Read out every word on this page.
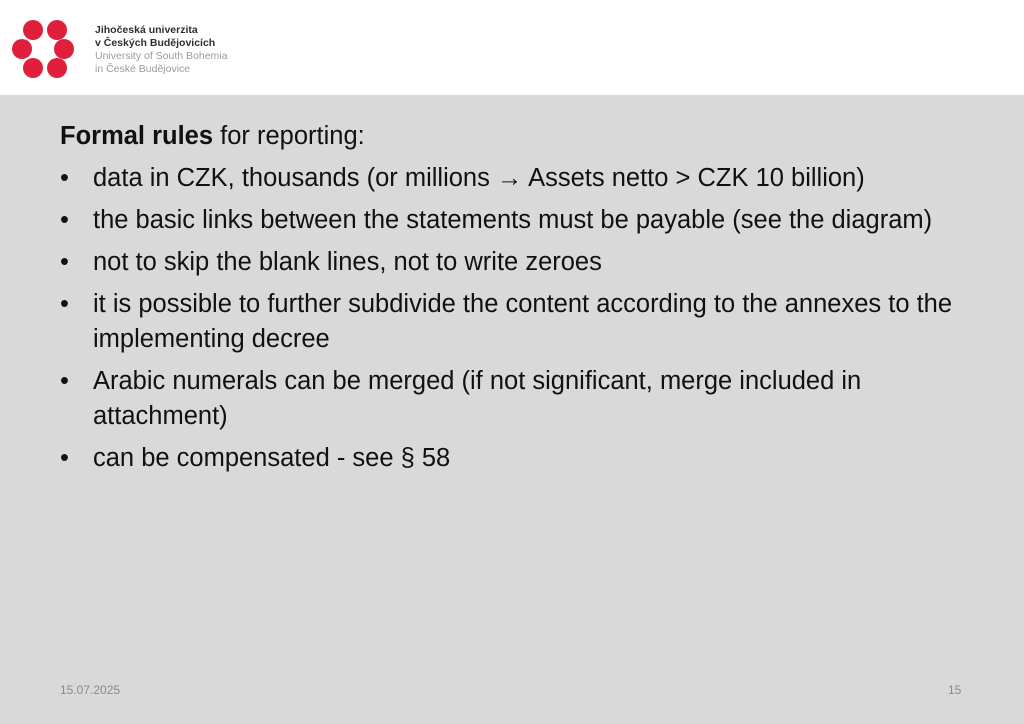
Jihočeská univerzita
v Českých Budějovicích
University of South Bohemia
in České Budějovice
Formal rules for reporting:
• data in CZK, thousands (or millions → Assets netto > CZK 10 billion)
• the basic links between the statements must be payable (see the diagram)
• not to skip the blank lines, not to write zeroes
• it is possible to further subdivide the content according to the annexes to the implementing decree
• Arabic numerals can be merged (if not significant, merge included in attachment)
• can be compensated - see § 58
15.07.2025	15
